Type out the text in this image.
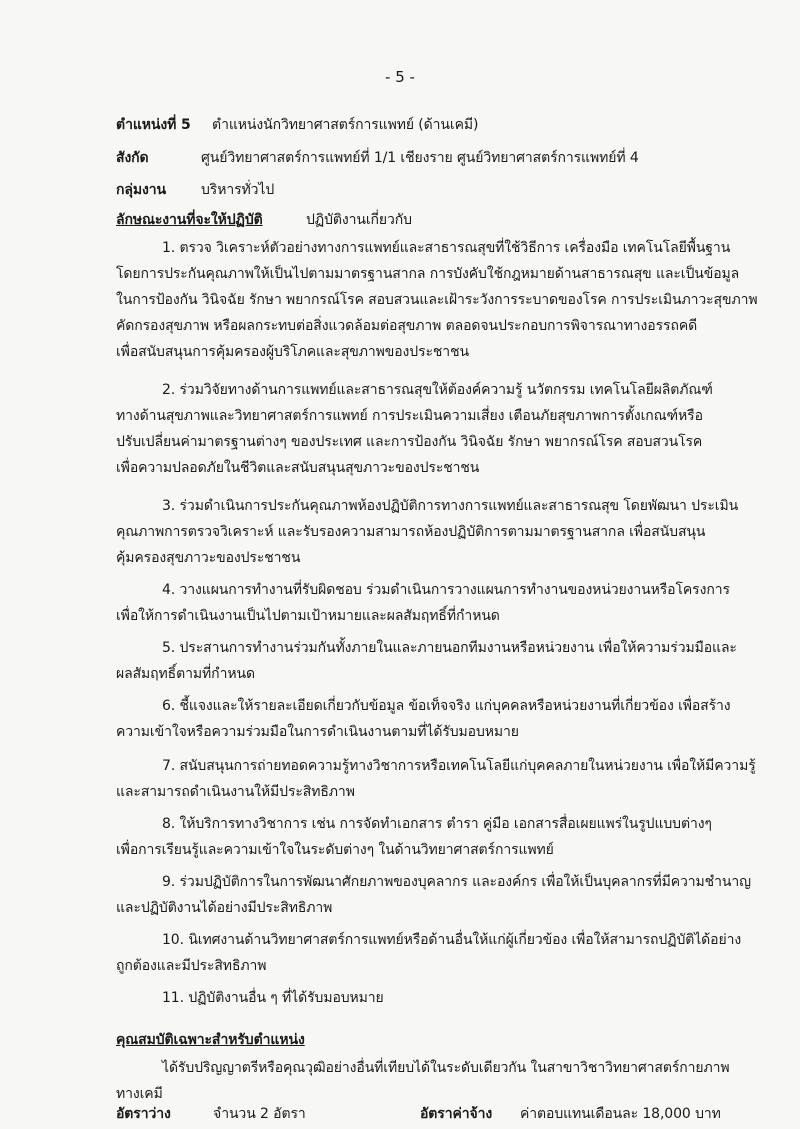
- 5 -
ตำแหน่งที่ 5 ตำแหน่งนักวิทยาศาสตร์การแพทย์ (ด้านเคมี)
สังกัด	ศูนย์วิทยาศาสตร์การแพทย์ที่ 1/1 เชียงราย ศูนย์วิทยาศาสตร์การแพทย์ที่ 4
กลุ่มงาน	บริหารทั่วไป
ลักษณะงานที่จะให้ปฏิบัติ	ปฏิบัติงานเกี่ยวกับ
1. ตรวจ วิเคราะห์ตัวอย่างทางการแพทย์และสาธารณสุขที่ใช้วิธีการ เครื่องมือ เทคโนโลยีพื้นฐาน
โดยการประกันคุณภาพให้เป็นไปตามมาตรฐานสากล การบังคับใช้กฎหมายด้านสาธารณสุข และเป็นข้อมูล
ในการป้องกัน วินิจฉัย รักษา พยากรณ์โรค สอบสวนและเฝ้าระวังการระบาดของโรค การประเมินภาวะสุขภาพ
คัดกรองสุขภาพ หรือผลกระทบต่อสิ่งแวดล้อมต่อสุขภาพ ตลอดจนประกอบการพิจารณาทางอรรถคดี
เพื่อสนับสนุนการคุ้มครองผู้บริโภคและสุขภาพของประชาชน
2. ร่วมวิจัยทางด้านการแพทย์และสาธารณสุขให้ต้องค์ความรู้ นวัตกรรม เทคโนโลยีผลิตภัณฑ์
ทางด้านสุขภาพและวิทยาศาสตร์การแพทย์ การประเมินความเสี่ยง เตือนภัยสุขภาพการตั้งเกณฑ์หรือ
ปรับเปลี่ยนค่ามาตรฐานต่างๆ ของประเทศ และการป้องกัน วินิจฉัย รักษา พยากรณ์โรค สอบสวนโรค
เพื่อความปลอดภัยในชีวิตและสนับสนุนสุขภาวะของประชาชน
3. ร่วมดำเนินการประกันคุณภาพห้องปฏิบัติการทางการแพทย์และสาธารณสุข โดยพัฒนา ประเมิน
คุณภาพการตรวจวิเคราะห์ และรับรองความสามารถห้องปฏิบัติการตามมาตรฐานสากล เพื่อสนับสนุน
คุ้มครองสุขภาวะของประชาชน
4. วางแผนการทำงานที่รับผิดชอบ ร่วมดำเนินการวางแผนการทำงานของหน่วยงานหรือโครงการ
เพื่อให้การดำเนินงานเป็นไปตามเป้าหมายและผลสัมฤทธิ์ที่กำหนด
5. ประสานการทำงานร่วมกันทั้งภายในและภายนอกทีมงานหรือหน่วยงาน เพื่อให้ความร่วมมือและ
ผลสัมฤทธิ์ตามที่กำหนด
6. ชี้แจงและให้รายละเอียดเกี่ยวกับข้อมูล ข้อเท็จจริง แก่บุคคลหรือหน่วยงานที่เกี่ยวข้อง เพื่อสร้าง
ความเข้าใจหรือความร่วมมือในการดำเนินงานตามที่ได้รับมอบหมาย
7. สนับสนุนการถ่ายทอดความรู้ทางวิชาการหรือเทคโนโลยีแก่บุคคลภายในหน่วยงาน เพื่อให้มีความรู้
และสามารถดำเนินงานให้มีประสิทธิภาพ
8. ให้บริการทางวิชาการ เช่น การจัดทำเอกสาร ตำรา คู่มือ เอกสารสื่อเผยแพร่ในรูปแบบต่างๆ
เพื่อการเรียนรู้และความเข้าใจในระดับต่างๆ ในด้านวิทยาศาสตร์การแพทย์
9. ร่วมปฏิบัติการในการพัฒนาศักยภาพของบุคลากร และองค์กร เพื่อให้เป็นบุคลากรที่มีความชำนาญ
และปฏิบัติงานได้อย่างมีประสิทธิภาพ
10. นิเทศงานด้านวิทยาศาสตร์การแพทย์หรือด้านอื่นให้แก่ผู้เกี่ยวข้อง เพื่อให้สามารถปฏิบัติได้อย่าง
ถูกต้องและมีประสิทธิภาพ
11. ปฏิบัติงานอื่น ๆ ที่ได้รับมอบหมาย
คุณสมบัติเฉพาะสำหรับตำแหน่ง
ได้รับปริญญาตรีหรือคุณวุฒิอย่างอื่นที่เทียบได้ในระดับเดียวกัน ในสาขาวิชาวิทยาศาสตร์กายภาพ
ทางเคมี
อัตราว่าง	จำนวน 2 อัตรา	อัตราค่าจ้าง ค่าตอบแทนเดือนละ 18,000 บาท
